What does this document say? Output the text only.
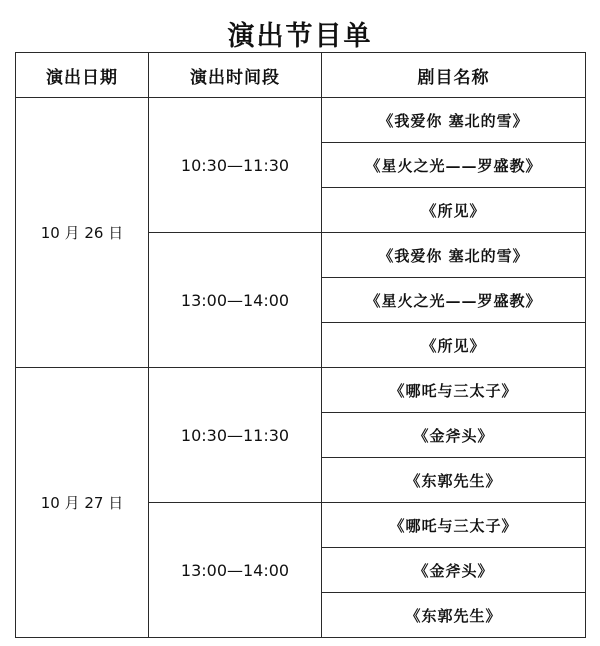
演出节目单
演出日期	演出时间段	剧目名称
10 月 26 日	10:30—11:30	《我爱你 塞北的雪》
		《星火之光——罗盛教》
		《所见》
	13:00—14:00	《我爱你 塞北的雪》
		《星火之光——罗盛教》
		《所见》
10 月 27 日	10:30—11:30	《哪吒与三太子》
		《金斧头》
		《东郭先生》
	13:00—14:00	《哪吒与三太子》
		《金斧头》
		《东郭先生》
